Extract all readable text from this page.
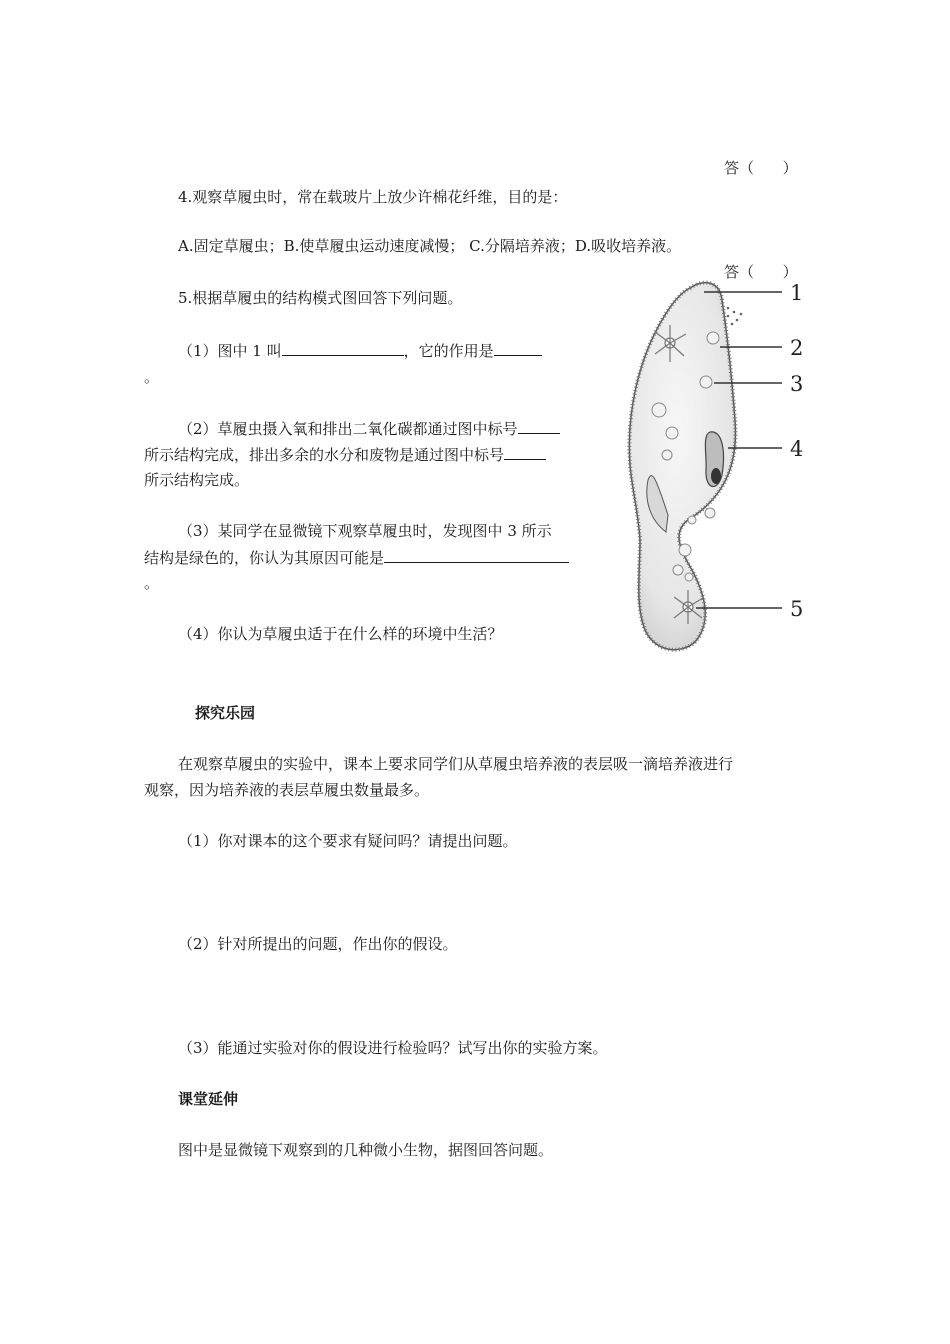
答（      ）
4.观察草履虫时，常在载玻片上放少许棉花纤维，目的是：
A.固定草履虫；B.使草履虫运动速度减慢； C.分隔培养液；D.吸收培养液。
答（      ）
5.根据草履虫的结构模式图回答下列问题。
（1）图中 1 叫	，它的作用是
。
（2）草履虫摄入氧和排出二氧化碳都通过图中标号
所示结构完成，排出多余的水分和废物是通过图中标号
所示结构完成。
（3）某同学在显微镜下观察草履虫时，发现图中 3 所示
结构是绿色的，你认为其原因可能是
。
（4）你认为草履虫适于在什么样的环境中生活？
1
2
3
4
5
探究乐园
在观察草履虫的实验中，课本上要求同学们从草履虫培养液的表层吸一滴培养液进行
观察，因为培养液的表层草履虫数量最多。
（1）你对课本的这个要求有疑问吗？请提出问题。
（2）针对所提出的问题，作出你的假设。
（3）能通过实验对你的假设进行检验吗？试写出你的实验方案。
课堂延伸
图中是显微镜下观察到的几种微小生物，据图回答问题。
